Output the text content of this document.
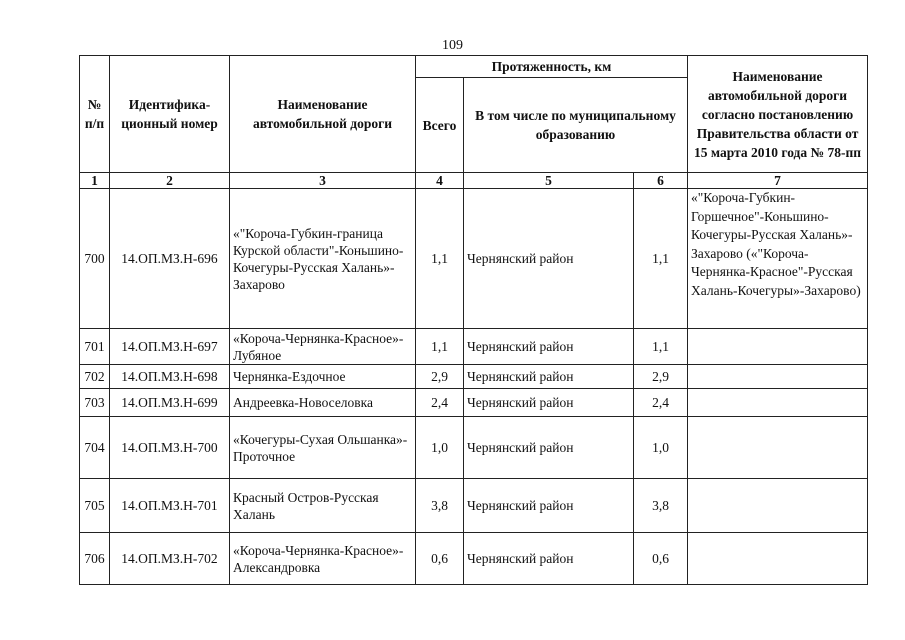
109
№ п/п	Идентифика-ционный номер	Наименование автомобильной дороги	Протяженность, км			Наименование автомобильной дороги согласно постановлению Правительства области от 15 марта 2010 года № 78-пп
			Всего	В том числе по муниципальному образованию		
1	2	3	4	5	6	7
700	14.ОП.МЗ.Н-696	«"Короча-Губкин-граница Курской области"-Коньшино-Кочегуры-Русская Халань»-Захарово	1,1	Чернянский район	1,1	«"Короча-Губкин-Горшечное"-Коньшино-Кочегуры-Русская Халань»-Захарово («"Короча-Чернянка-Красное"-Русская Халань-Кочегуры»-Захарово)
701	14.ОП.МЗ.Н-697	«Короча-Чернянка-Красное»-Лубяное	1,1	Чернянский район	1,1	
702	14.ОП.МЗ.Н-698	Чернянка-Ездочное	2,9	Чернянский район	2,9	
703	14.ОП.МЗ.Н-699	Андреевка-Новоселовка	2,4	Чернянский район	2,4	
704	14.ОП.МЗ.Н-700	«Кочегуры-Сухая Ольшанка»-Проточное	1,0	Чернянский район	1,0	
705	14.ОП.МЗ.Н-701	Красный Остров-Русская Халань	3,8	Чернянский район	3,8	
706	14.ОП.МЗ.Н-702	«Короча-Чернянка-Красное»-Александровка	0,6	Чернянский район	0,6	
